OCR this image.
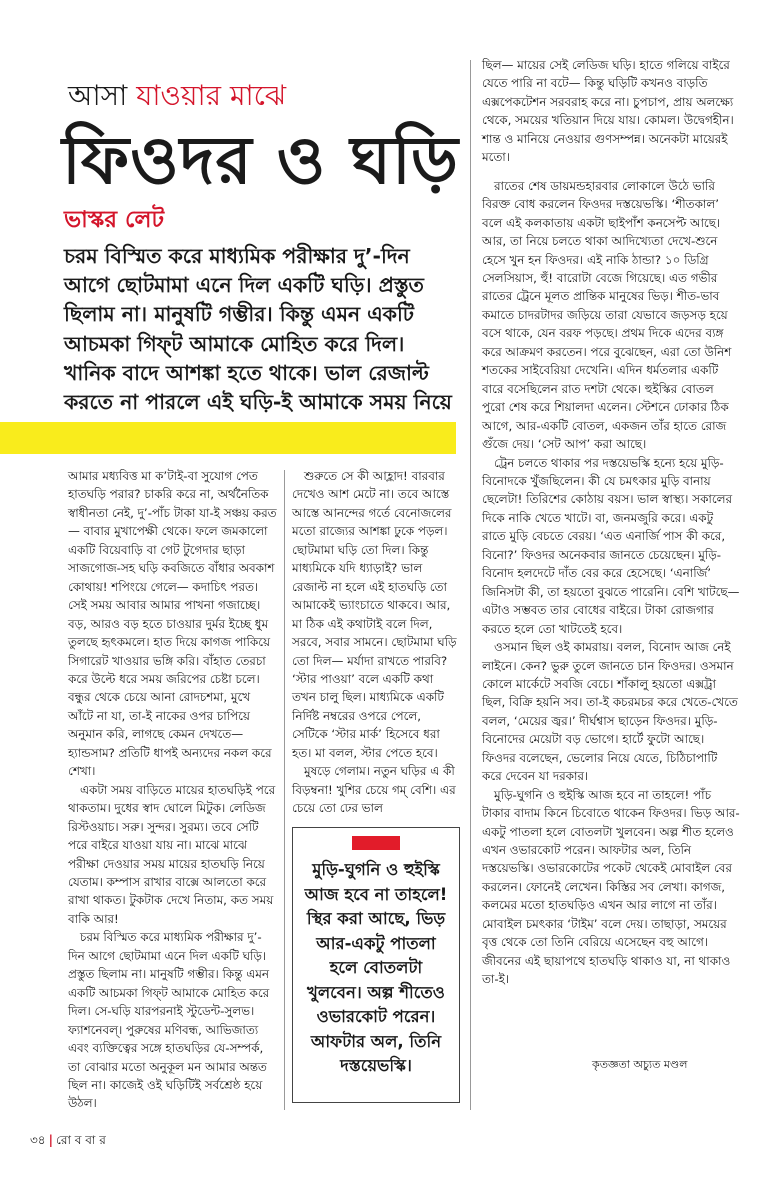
আসা যাওয়ার মাঝে
ফিওদর ও ঘড়ি
ভাস্কর লেট
চরম বিস্মিত করে মাধ্যমিক পরীক্ষার দু’-দিন আগে ছোটমামা এনে দিল একটি ঘড়ি। প্রস্তুত ছিলাম না। মানুষটি গম্ভীর। কিন্তু এমন একটি আচমকা গিফ্‌ট আমাকে মোহিত করে দিল। খানিক বাদে আশঙ্কা হতে থাকে। ভাল রেজাল্ট করতে না পারলে এই ঘড়ি-ই আমাকে সময় নিয়ে

আমার মধ্যবিত্ত মা ক’টাই-বা সুযোগ পেত হাতঘড়ি পরার? চাকরি করে না, অর্থনৈতিক স্বাধীনতা নেই, দু’-পাঁচ টাকা যা-ই সঞ্চয় করত— বাবার মুখাপেক্ষী থেকে। ফলে জমকালো একটি বিয়েবাড়ি বা গেট টুগেদার ছাড়া সাজগোজ-সহ ঘড়ি কবজিতে বাঁধার অবকাশ কোথায়! শপিংয়ে গেলে— কদাচিৎ পরত। সেই সময় আবার আমার পাখনা গজাচ্ছে। বড়, আরও বড় হতে চাওয়ার দুর্মর ইচ্ছে ধুম তুলছে হৃৎকমলে। হাত দিয়ে কাগজ পাকিয়ে সিগারেট খাওয়ার ভঙ্গি করি। বাঁহাত তেরচা করে উল্টে ধরে সময় জরিপের চেষ্টা চলে। বন্ধুর থেকে চেয়ে আনা রোদচশমা, মুখে আঁটে না যা, তা-ই নাকের ওপর চাপিয়ে অনুমান করি, লাগছে কেমন দেখতে— হ্যান্ডসাম? প্রতিটি ধাপই অন্যদের নকল করে শেখা।

একটা সময় বাড়িতে মায়ের হাতঘড়িই পরে থাকতাম। দুধের স্বাদ ঘোলে মিটুক। লেডিজ রিস্টওয়াচ। সরু। সুন্দর। সুরম্য। তবে সেটি পরে বাইরে যাওয়া যায় না। মাঝে মাঝে পরীক্ষা দেওয়ার সময় মায়ের হাতঘড়ি নিয়ে যেতাম। কম্পাস রাখার বাক্সে আলতো করে রাখা থাকত। টুকটাক দেখে নিতাম, কত সময় বাকি আর!

চরম বিস্মিত করে মাধ্যমিক পরীক্ষার দু’-দিন আগে ছোটমামা এনে দিল একটি ঘড়ি। প্রস্তুত ছিলাম না। মানুষটি গম্ভীর। কিন্তু এমন একটি আচমকা গিফ্‌ট আমাকে মোহিত করে দিল। সে-ঘড়ি যারপরনাই স্টুডেন্ট-সুলভ। ফ্যাশনেবল্‌। পুরুষের মণিবন্ধ, আভিজাত্য এবং ব্যক্তিত্বের সঙ্গে হাতঘড়ির যে-সম্পর্ক, তা বোঝার মতো অনুকূল মন আমার অন্তত ছিল না। কাজেই ওই ঘড়িটিই সর্বশ্রেষ্ঠ হয়ে উঠল।

শুরুতে সে কী আহ্লাদ! বারবার দেখেও আশ মেটে না। তবে আস্তে আস্তে আনন্দের গর্তে বেনোজলের মতো রাজ্যের আশঙ্কা ঢুকে পড়ল। ছোটমামা ঘড়ি তো দিল। কিন্তু মাধ্যমিকে যদি ধ্যাড়াই? ভাল রেজাল্ট না হলে এই হাতঘড়ি তো আমাকেই ভ্যাংচাতে থাকবে। আর, মা ঠিক এই কথাটাই বলে দিল, সরবে, সবার সামনে। ছোটমামা ঘড়ি তো দিল— মর্যাদা রাখতে পারবি? ‘স্টার পাওয়া’ বলে একটি কথা তখন চালু ছিল। মাধ্যমিকে একটি নির্দিষ্ট নম্বরের ওপরে পেলে, সেটিকে ‘স্টার মার্ক’ হিসেবে ধরা হত। মা বলল, স্টার পেতে হবে।

মুষড়ে গেলাম। নতুন ঘড়ির এ কী বিড়ম্বনা! খুশির চেয়ে গম্‌ বেশি। এর চেয়ে তো ঢের ভাল

মুড়ি-ঘুগনি ও হুইস্কি আজ হবে না তাহলে! স্থির করা আছে, ভিড় আর-একটু পাতলা হলে বোতলটা খুলবেন। অল্প শীতেও ওভারকোট পরেন। আফটার অল, তিনি দস্তয়েভস্কি।

ছিল— মায়ের সেই লেডিজ ঘড়ি। হাতে গলিয়ে বাইরে যেতে পারি না বটে— কিন্তু ঘড়িটি কখনও বাড়তি এক্সপেকটেশন সরবরাহ করে না। চুপচাপ, প্রায় অলক্ষ্যে থেকে, সময়ের খতিয়ান দিয়ে যায়। কোমল। উদ্বেগহীন। শান্ত ও মানিয়ে নেওয়ার গুণসম্পন্ন। অনেকটা মায়েরই মতো।

রাতের শেষ ডায়মন্ডহারবার লোকালে উঠে ভারি বিরক্ত বোধ করলেন ফিওদর দস্তয়েভস্কি। ‘শীতকাল’ বলে এই কলকাতায় একটা ছাইপাঁশ কনসেপ্ট আছে। আর, তা নিয়ে চলতে থাকা আদিখ্যেতা দেখে-শুনে হেসে খুন হন ফিওদর। এই নাকি ঠান্ডা? ১০ ডিগ্রি সেলসিয়াস, হুঁ! বারোটা বেজে গিয়েছে। এত গভীর রাতের ট্রেনে মূলত প্রান্তিক মানুষের ভিড়। শীত-ভাব কমাতে চাদরটাদর জড়িয়ে তারা যেভাবে জড়সড় হয়ে বসে থাকে, যেন বরফ পড়ছে। প্রথম দিকে এদের ব্যঙ্গ করে আক্রমণ করতেন। পরে বুঝেছেন, এরা তো উনিশ শতকের সাইবেরিয়া দেখেনি। এদিন ধর্মতলার একটি বারে বসেছিলেন রাত দশটা থেকে। হুইস্কির বোতল পুরো শেষ করে শিয়ালদা এলেন। স্টেশনে ঢোকার ঠিক আগে, আর-একটি বোতল, একজন তাঁর হাতে রোজ গুঁজে দেয়। ‘সেট আপ’ করা আছে।

ট্রেন চলতে থাকার পর দস্তয়েভস্কি হন্যে হয়ে মুড়ি-বিনোদকে খুঁজছিলেন। কী যে চমৎকার মুড়ি বানায় ছেলেটা! তিরিশের কোঠায় বয়স। ভাল স্বাস্থ্য। সকালের দিকে নাকি খেতে খাটে। বা, জনমজুরি করে। একটু রাতে মুড়ি বেচতে বেরয়। ‘এত এনার্জি পাস কী করে, বিনো?’ ফিওদর অনেকবার জানতে চেয়েছেন। মুড়ি-বিনোদ হলদেটে দাঁত বের করে হেসেছে। ‘এনার্জি’ জিনিসটা কী, তা হয়তো বুঝতে পারেনি। বেশি খাটছে— এটাও সম্ভবত তার বোধের বাইরে। টাকা রোজগার করতে হলে তো খাটতেই হবে।

ওসমান ছিল ওই কামরায়। বলল, বিনোদ আজ নেই লাইনে। কেন? ভুরু তুলে জানতে চান ফিওদর। ওসমান কোলে মার্কেটে সবজি বেচে। শাঁকালু হয়তো এক্সট্রা ছিল, বিক্রি হয়নি সব। তা-ই কচরমচর করে খেতে-খেতে বলল, ‘মেয়ের জ্বর।’ দীর্ঘশ্বাস ছাড়েন ফিওদর। মুড়ি-বিনোদের মেয়েটা বড় ভোগে। হার্টে ফুটো আছে। ফিওদর বলেছেন, ভেলোর নিয়ে যেতে, চিঠিচাপাটি করে দেবেন যা দরকার।

মুড়ি-ঘুগনি ও হুইস্কি আজ হবে না তাহলে! পাঁচ টাকার বাদাম কিনে চিবোতে থাকেন ফিওদর। ভিড় আর-একটু পাতলা হলে বোতলটা খুলবেন। অল্প শীত হলেও এখন ওভারকোট পরেন। আফটার অল, তিনি দস্তয়েভস্কি। ওভারকোটের পকেট থেকেই মোবাইল বের করলেন। ফোনেই লেখেন। কিস্তির সব লেখা। কাগজ, কলমের মতো হাতঘড়িও এখন আর লাগে না তাঁর। মোবাইল চমৎকার ‘টাইম’ বলে দেয়। তাছাড়া, সময়ের বৃত্ত থেকে তো তিনি বেরিয়ে এসেছেন বহু আগে। জীবনের এই ছায়াপথে হাতঘড়ি থাকাও যা, না থাকাও তা-ই।

কৃতজ্ঞতা অচ্যুত মণ্ডল
৩৪ | রো ব বা র
